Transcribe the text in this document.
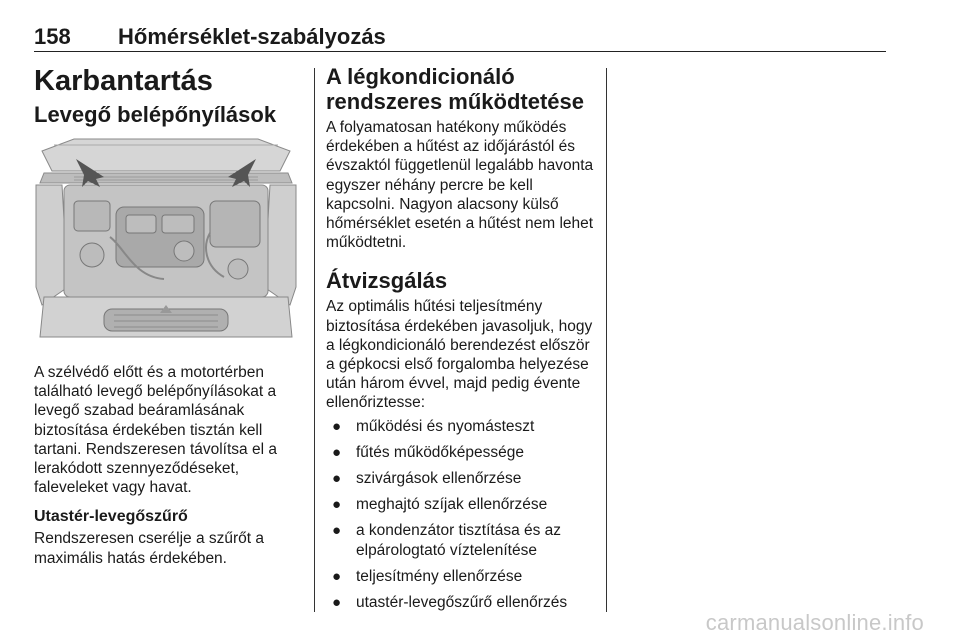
158 Hőmérséklet-szabályozás
Karbantartás
Levegő belépőnyílások

A szélvédő előtt és a motortérben található levegő belépőnyílásokat a levegő szabad beáramlásának biztosítása érdekében tisztán kell tartani. Rendszeresen távolítsa el a lerakódott szennyeződéseket, faleveleket vagy havat.

Utastér-levegőszűrő

Rendszeresen cserélje a szűrőt a maximális hatás érdekében.

A légkondicionáló rendszeres működtetése

A folyamatosan hatékony működés érdekében a hűtést az időjárástól és évszaktól függetlenül legalább havonta egyszer néhány percre be kell kapcsolni. Nagyon alacsony külső hőmérséklet esetén a hűtést nem lehet működtetni.

Átvizsgálás

Az optimális hűtési teljesítmény biztosítása érdekében javasoljuk, hogy a légkondicionáló berendezést először a gépkocsi első forgalomba helyezése után három évvel, majd pedig évente ellenőriztesse:

● működési és nyomásteszt
● fűtés működőképessége
● szivárgások ellenőrzése
● meghajtó szíjak ellenőrzése
● a kondenzátor tisztítása és az elpárologtató víztelenítése
● teljesítmény ellenőrzése
● utastér-levegőszűrő ellenőrzés
carmanualsonline.info
